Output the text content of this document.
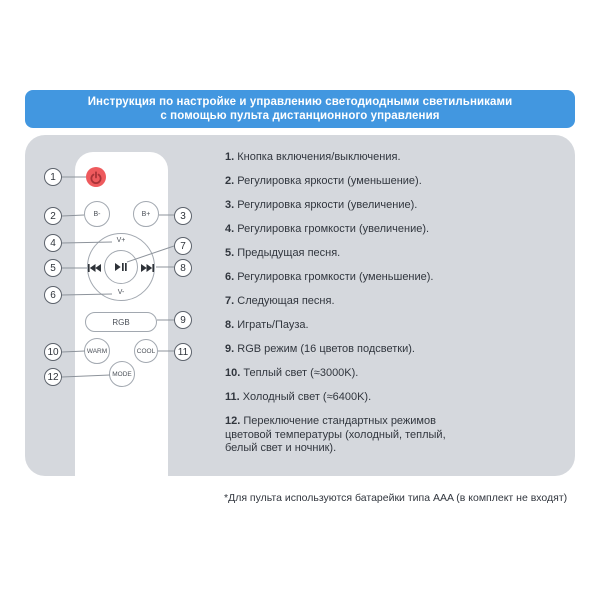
Инструкция по настройке и управлению светодиодными светильниками
с помощью пульта дистанционного управления
B-	B+
V+
V-
RGB
WARM	COOL
MODE
1
2	3
4
5
6
7
8
9
10	11
12
1. Кнопка включения/выключения.
2. Регулировка яркости (уменьшение).
3. Регулировка яркости (увеличение).
4. Регулировка громкости (увеличение).
5. Предыдущая песня.
6. Регулировка громкости (уменьшение).
7. Следующая песня.
8. Играть/Пауза.
9. RGB режим (16 цветов подсветки).
10. Теплый свет (≈3000K).
11. Холодный свет (≈6400K).
12. Переключение стандартных режимов цветовой температуры (холодный, теплый, белый свет и ночник).
*Для пульта используются батарейки типа AAA (в комплект не входят)
